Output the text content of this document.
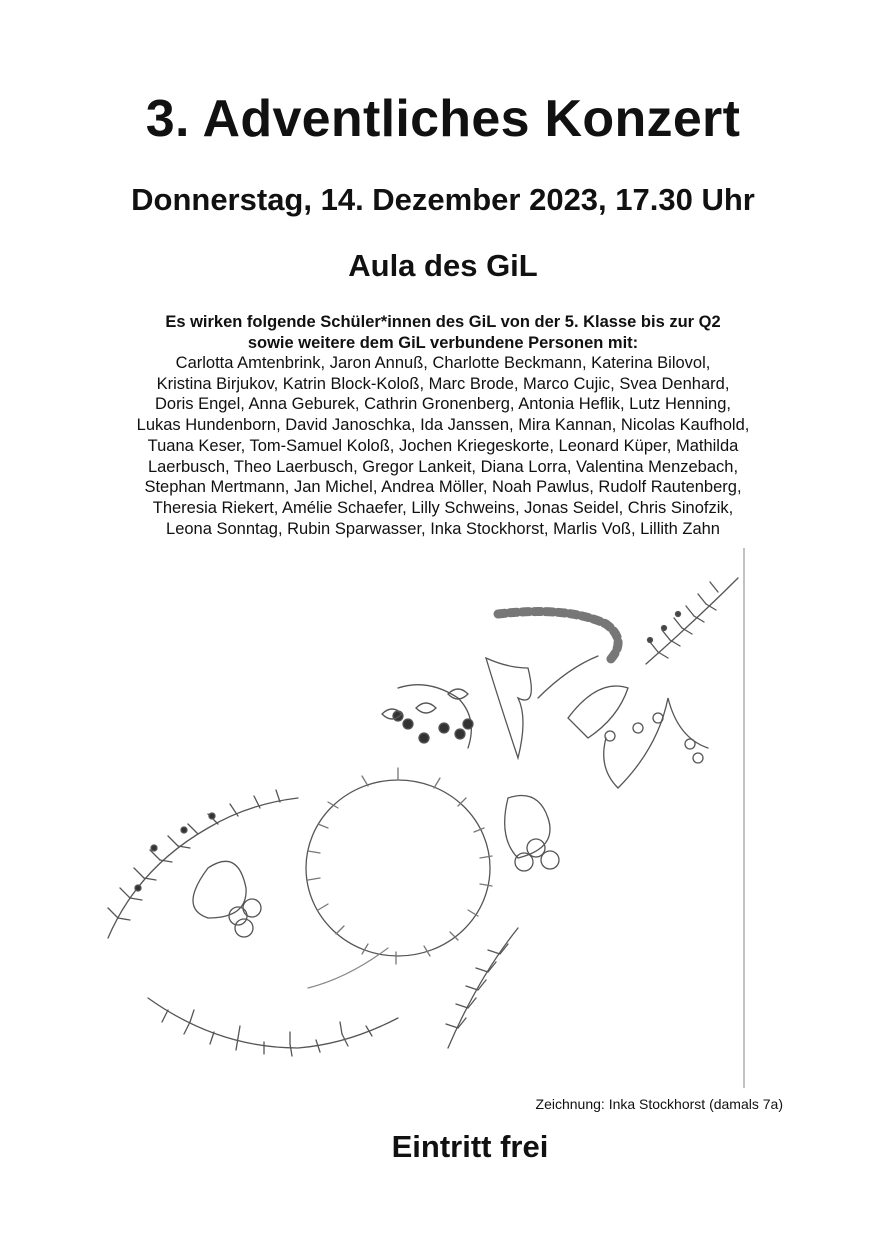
3. Adventliches Konzert
Donnerstag, 14. Dezember 2023, 17.30 Uhr
Aula des GiL
Es wirken folgende Schüler*innen des GiL von der 5. Klasse bis zur Q2
sowie weitere dem GiL verbundene Personen mit:
Carlotta Amtenbrink, Jaron Annuß, Charlotte Beckmann, Katerina Bilovol,
Kristina Birjukov, Katrin Block-Koloß, Marc Brode, Marco Cujic, Svea Denhard,
Doris Engel, Anna Geburek, Cathrin Gronenberg, Antonia Heflik, Lutz Henning,
Lukas Hundenborn, David Janoschka, Ida Janssen, Mira Kannan, Nicolas Kaufhold,
Tuana Keser, Tom-Samuel Koloß, Jochen Kriegeskorte, Leonard Küper, Mathilda
Laerbusch, Theo Laerbusch, Gregor Lankeit, Diana Lorra, Valentina Menzebach,
Stephan Mertmann, Jan Michel, Andrea Möller, Noah Pawlus, Rudolf Rautenberg,
Theresia Riekert, Amélie Schaefer, Lilly Schweins, Jonas Seidel, Chris Sinofzik,
Leona Sonntag, Rubin Sparwasser, Inka Stockhorst, Marlis Voß, Lillith Zahn
Zeichnung: Inka Stockhorst (damals 7a)
Eintritt frei
